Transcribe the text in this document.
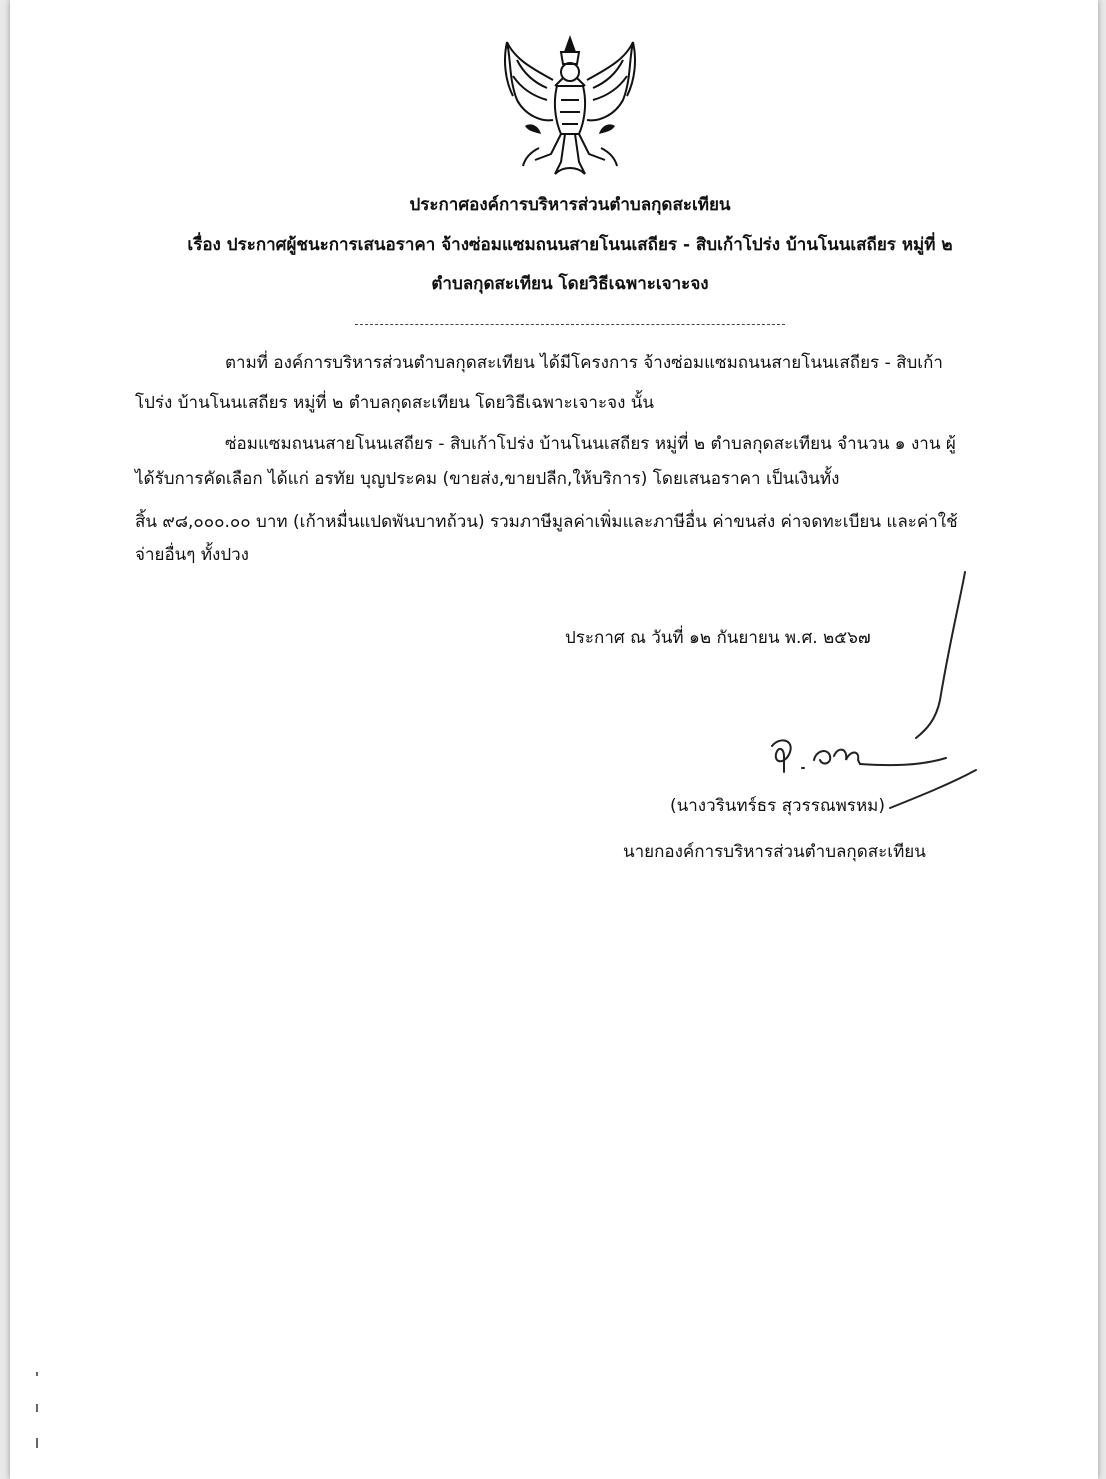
ประกาศองค์การบริหารส่วนตำบลกุดสะเทียน
เรื่อง ประกาศผู้ชนะการเสนอราคา จ้างซ่อมแซมถนนสายโนนเสถียร - สิบเก้าโปร่ง บ้านโนนเสถียร หมู่ที่ ๒
ตำบลกุดสะเทียน โดยวิธีเฉพาะเจาะจง
ตามที่ องค์การบริหารส่วนตำบลกุดสะเทียน ได้มีโครงการ จ้างซ่อมแซมถนนสายโนนเสถียร - สิบเก้า
โปร่ง บ้านโนนเสถียร หมู่ที่ ๒ ตำบลกุดสะเทียน โดยวิธีเฉพาะเจาะจง นั้น
ซ่อมแซมถนนสายโนนเสถียร - สิบเก้าโปร่ง บ้านโนนเสถียร หมู่ที่ ๒ ตำบลกุดสะเทียน จำนวน ๑ งาน ผู้
ได้รับการคัดเลือก ได้แก่ อรทัย บุญประคม (ขายส่ง,ขายปลีก,ให้บริการ) โดยเสนอราคา เป็นเงินทั้ง
สิ้น ๙๘,๐๐๐.๐๐ บาท (เก้าหมื่นแปดพันบาทถ้วน) รวมภาษีมูลค่าเพิ่มและภาษีอื่น ค่าขนส่ง ค่าจดทะเบียน และค่าใช้
จ่ายอื่นๆ ทั้งปวง
ประกาศ ณ วันที่ ๑๒ กันยายน พ.ศ. ๒๕๖๗
(นางวรินทร์ธร สุวรรณพรหม)
นายกองค์การบริหารส่วนตำบลกุดสะเทียน
